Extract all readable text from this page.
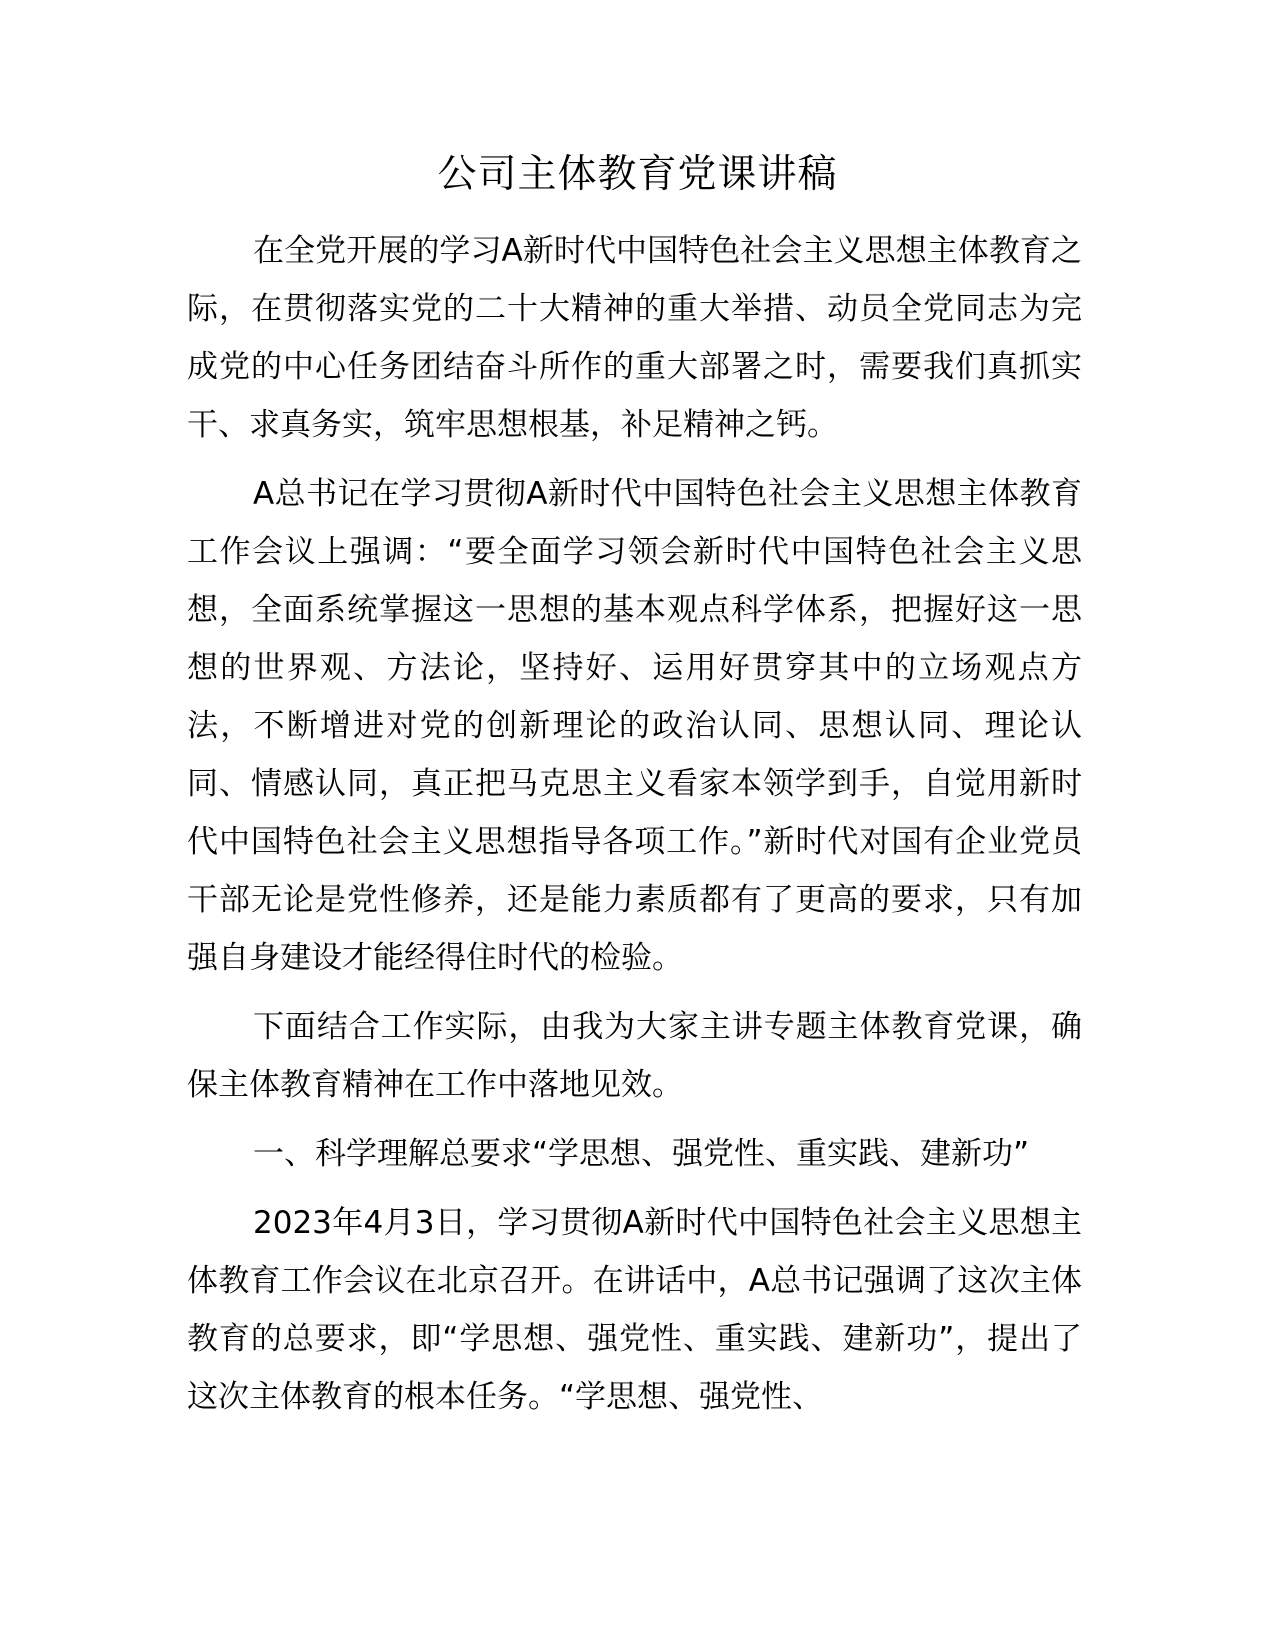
公司主体教育党课讲稿

在全党开展的学习A新时代中国特色社会主义思想主体教育之际，在贯彻落实党的二十大精神的重大举措、动员全党同志为完成党的中心任务团结奋斗所作的重大部署之时，需要我们真抓实干、求真务实，筑牢思想根基，补足精神之钙。

A总书记在学习贯彻A新时代中国特色社会主义思想主体教育工作会议上强调：“要全面学习领会新时代中国特色社会主义思想，全面系统掌握这一思想的基本观点科学体系，把握好这一思想的世界观、方法论，坚持好、运用好贯穿其中的立场观点方法，不断增进对党的创新理论的政治认同、思想认同、理论认同、情感认同，真正把马克思主义看家本领学到手，自觉用新时代中国特色社会主义思想指导各项工作。”新时代对国有企业党员干部无论是党性修养，还是能力素质都有了更高的要求，只有加强自身建设才能经得住时代的检验。

下面结合工作实际，由我为大家主讲专题主体教育党课，确保主体教育精神在工作中落地见效。

一、科学理解总要求“学思想、强党性、重实践、建新功”

2023年4月3日，学习贯彻A新时代中国特色社会主义思想主体教育工作会议在北京召开。在讲话中，A总书记强调了这次主体教育的总要求，即“学思想、强党性、重实践、建新功”，提出了这次主体教育的根本任务。“学思想、强党性、
